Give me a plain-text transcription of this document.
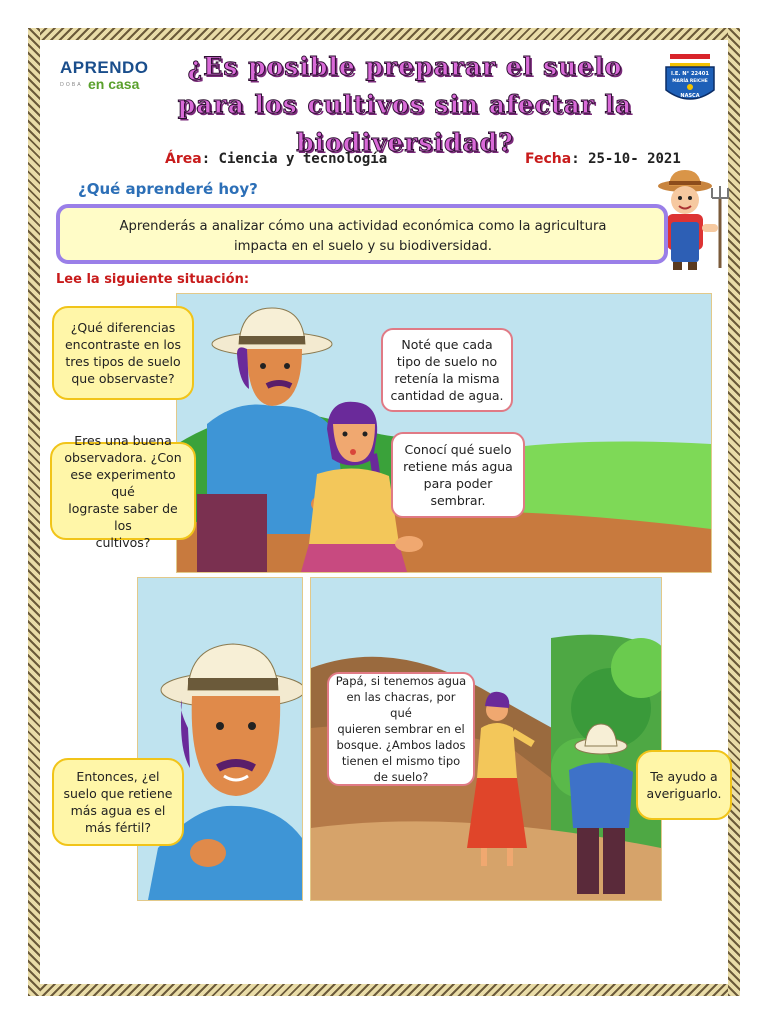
APRENDO
DOBA en casa
¿Es posible preparar el suelo
para los cultivos sin afectar la
biodiversidad?
I.E. N° 22401
MARÍA REICHE
NASCA
Área: Ciencia y tecnología	Fecha: 25-10- 2021
¿Qué aprenderé hoy?

Aprenderás a analizar cómo una actividad económica como la agricultura
impacta en el suelo y su biodiversidad.

Lee la siguiente situación:
Noté que cada
tipo de suelo no
retenía la misma
cantidad de agua.
Conocí qué suelo
retiene más agua
para poder
sembrar.
¿Qué diferencias
encontraste en los
tres tipos de suelo
que observaste?
Eres una buena
observadora. ¿Con
ese experimento qué
lograste saber de los
cultivos?
Entonces, ¿el
suelo que retiene
más agua es el
más fértil?
Papá, si tenemos agua
en las chacras, por qué
quieren sembrar en el
bosque. ¿Ambos lados
tienen el mismo tipo
de suelo?	Te ayudo a
averiguarlo.
